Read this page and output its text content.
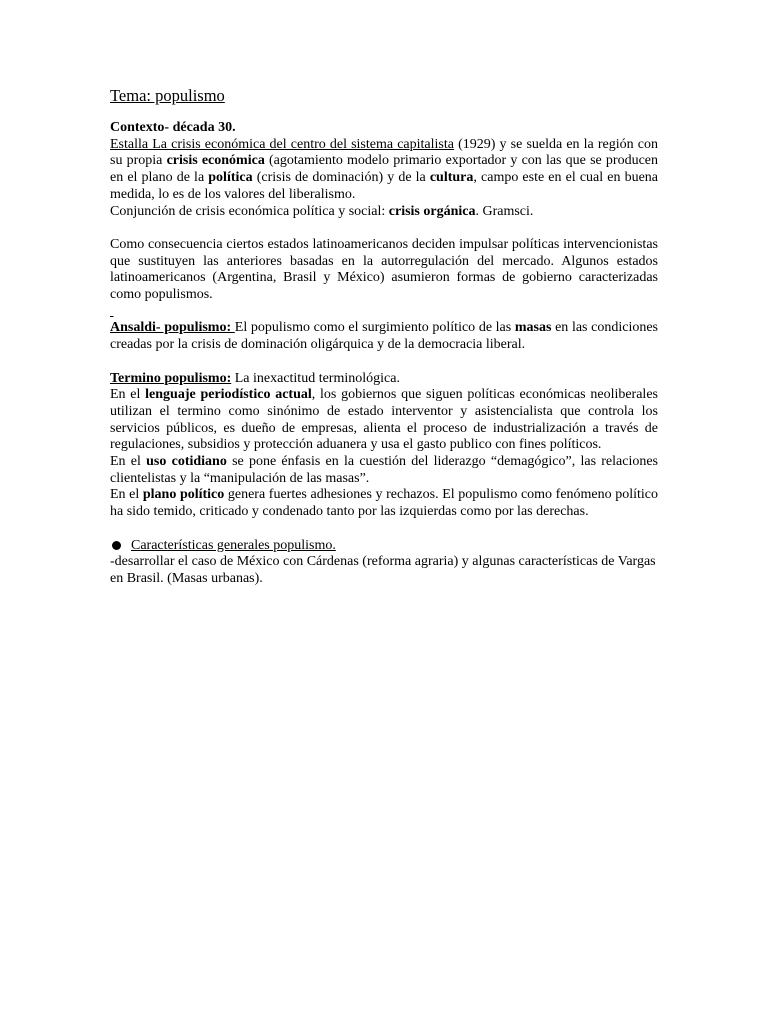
Tema: populismo

Contexto- década 30.

Estalla La crisis económica del centro del sistema capitalista (1929) y se suelda en la región con su propia crisis económica (agotamiento modelo primario exportador y con las que se producen en el plano de la política (crisis de dominación) y de la cultura, campo este en el cual en buena medida, lo es de los valores del liberalismo.

Conjunción de crisis económica política y social: crisis orgánica. Gramsci.

Como consecuencia ciertos estados latinoamericanos deciden impulsar políticas intervencionistas que sustituyen las anteriores basadas en la autorregulación del mercado. Algunos estados latinoamericanos (Argentina, Brasil y México) asumieron formas de gobierno caracterizadas como populismos.

Ansaldi- populismo: El populismo como el surgimiento político de las masas en las condiciones creadas por la crisis de dominación oligárquica y de la democracia liberal.

Termino populismo: La inexactitud terminológica.

En el lenguaje periodístico actual, los gobiernos que siguen políticas económicas neoliberales utilizan el termino como sinónimo de estado interventor y asistencialista que controla los servicios públicos, es dueño de empresas, alienta el proceso de industrialización a través de regulaciones, subsidios y protección aduanera y usa el gasto publico con fines políticos.

En el uso cotidiano se pone énfasis en la cuestión del liderazgo “demagógico”, las relaciones clientelistas y la “manipulación de las masas”.

En el plano político genera fuertes adhesiones y rechazos. El populismo como fenómeno político ha sido temido, criticado y condenado tanto por las izquierdas como por las derechas.

Características generales populismo.

-desarrollar el caso de México con Cárdenas (reforma agraria) y algunas características de Vargas en Brasil. (Masas urbanas).
